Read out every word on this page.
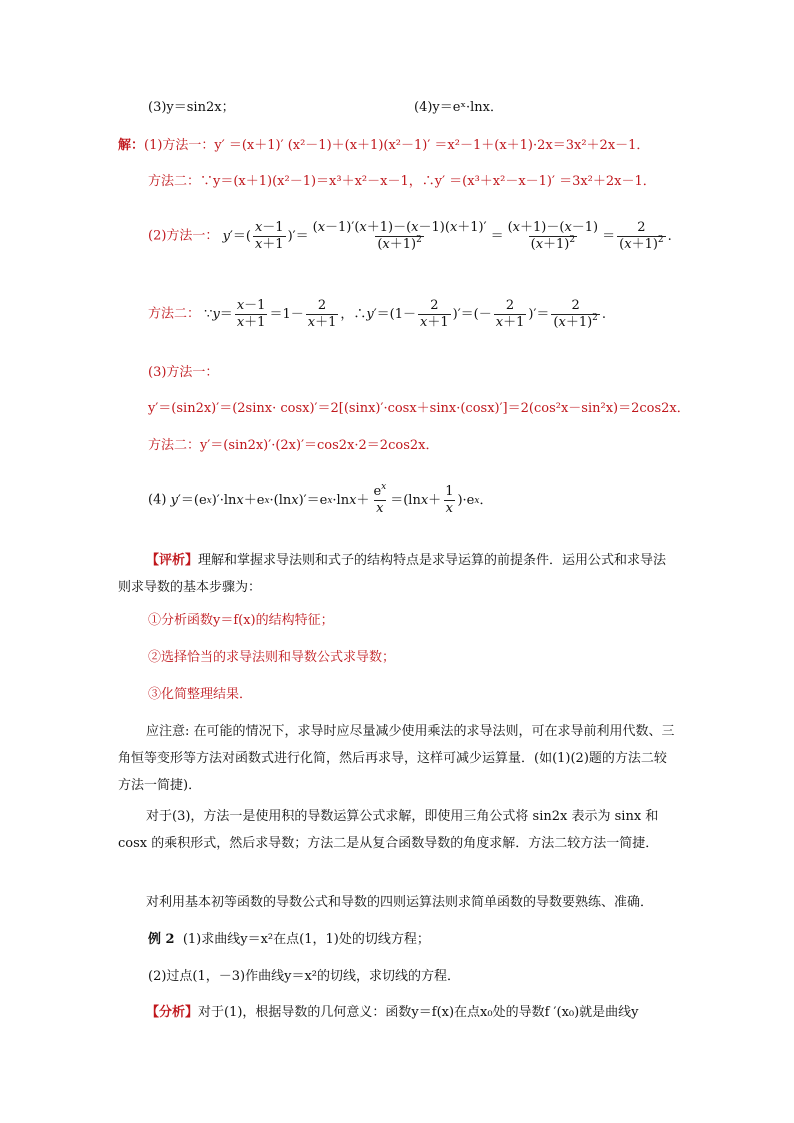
(3)y＝sin2x；	(4)y＝eˣ·lnx．
解：(1)方法一：y′ ＝(x＋1)′ (x²－1)＋(x＋1)(x²－1)′ ＝x²－1＋(x＋1)·2x＝3x²＋2x－1．
方法二：∵y＝(x＋1)(x²－1)＝x³＋x²－x－1，∴y′ ＝(x³＋x²－x－1)′ ＝3x²＋2x－1．
(2)方法一： y ′＝( $\frac{x-1}{x+1}$ )′＝ $\frac{(x-1)'(x+1)-(x-1)(x+1)'}{(x+1)^2} = \frac{(x+1)-(x-1)}{(x+1)^2} = \frac{2}{(x+1)^2}$ .
方法二： ∵ $y = \frac{x-1}{x+1} =1- \frac{2}{x+1}$ ，∴ y $'=(1- \frac{2}{x+1}$ )′＝(－ $\frac{2}{x+1}$ )′＝ $\frac{2}{(x+1)^2}$ .
(3)方法一：
y′＝(sin2x)′＝(2sinx· cosx)′＝2[(sinx)′·cosx＋sinx·(cosx)′]＝2(cos²x－sin²x)＝2cos2x．
方法二：y′＝(sin2x)′·(2x)′＝cos2x·2＝2cos2x．
(4) y ′＝(e x )′·ln x ＋e x ·(ln x )′＝e x ·ln $x + \frac{e^x}{x} =(\ln$ $x + \frac{1}{x} )\cdot e$ x ．
【评析】理解和掌握求导法则和式子的结构特点是求导运算的前提条件．运用公式和求导法则求导数的基本步骤为：
①分析函数y＝f(x)的结构特征；
②选择恰当的求导法则和导数公式求导数；
③化简整理结果．
应注意: 在可能的情况下，求导时应尽量减少使用乘法的求导法则，可在求导前利用代数、三角恒等变形等方法对函数式进行化简，然后再求导，这样可减少运算量．(如(1)(2)题的方法二较方法一简捷)．
对于(3)，方法一是使用积的导数运算公式求解，即使用三角公式将 sin2x 表示为 sinx 和 cosx 的乘积形式，然后求导数；方法二是从复合函数导数的角度求解．方法二较方法一简捷．
对利用基本初等函数的导数公式和导数的四则运算法则求简单函数的导数要熟练、准确．
例 2 (1)求曲线y＝x²在点(1，1)处的切线方程；
(2)过点(1，－3)作曲线y＝x²的切线，求切线的方程．
【分析】对于(1)，根据导数的几何意义：函数y＝f(x)在点x₀处的导数f ′(x₀)就是曲线y
